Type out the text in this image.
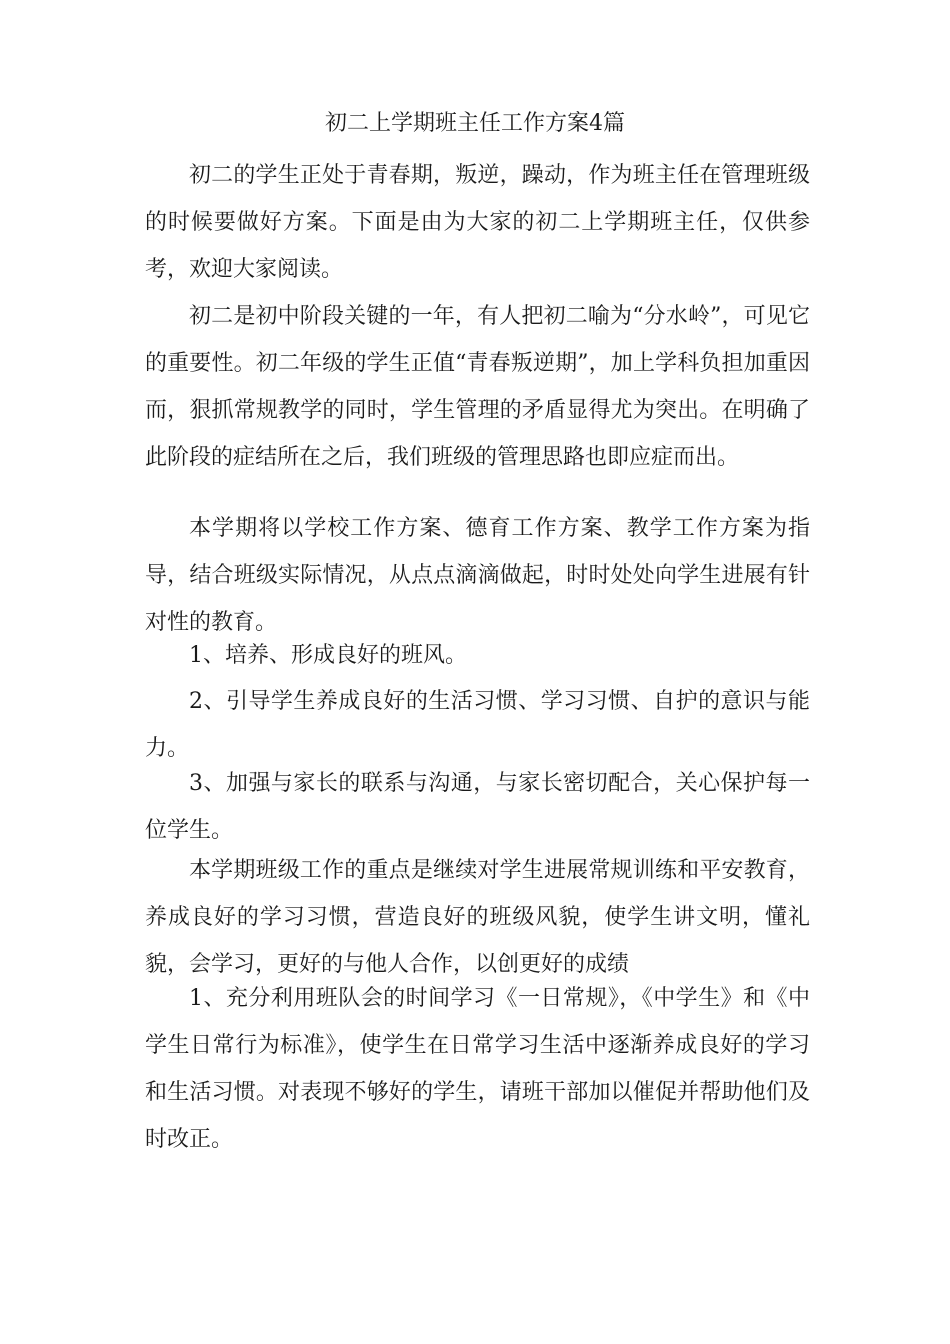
初二上学期班主任工作方案4篇

初二的学生正处于青春期，叛逆，躁动，作为班主任在管理班级的时候要做好方案。下面是由为大家的初二上学期班主任，仅供参考，欢迎大家阅读。

初二是初中阶段关键的一年，有人把初二喻为“分水岭”，可见它的重要性。初二年级的学生正值“青春叛逆期”，加上学科负担加重因而，狠抓常规教学的同时，学生管理的矛盾显得尤为突出。在明确了此阶段的症结所在之后，我们班级的管理思路也即应症而出。

本学期将以学校工作方案、德育工作方案、教学工作方案为指导，结合班级实际情况，从点点滴滴做起，时时处处向学生进展有针对性的教育。

1、培养、形成良好的班风。

2、引导学生养成良好的生活习惯、学习习惯、自护的意识与能力。

3、加强与家长的联系与沟通，与家长密切配合，关心保护每一位学生。

本学期班级工作的重点是继续对学生进展常规训练和平安教育，养成良好的学习习惯，营造良好的班级风貌，使学生讲文明，懂礼貌，会学习，更好的与他人合作，以创更好的成绩

1、充分利用班队会的时间学习《一日常规》，《中学生》和《中学生日常行为标准》，使学生在日常学习生活中逐渐养成良好的学习和生活习惯。对表现不够好的学生，请班干部加以催促并帮助他们及时改正。
